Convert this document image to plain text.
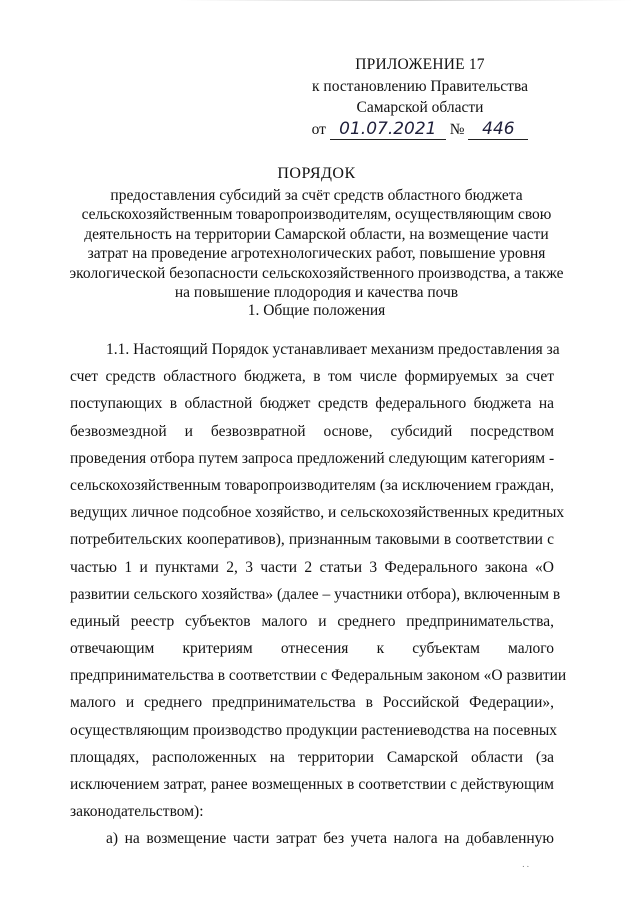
ПРИЛОЖЕНИЕ 17
к постановлению Правительства
Самарской области
от 01.07.2021 № 446
ПОРЯДОК
предоставления субсидий за счёт средств областного бюджета
сельскохозяйственным товаропроизводителям, осуществляющим свою
деятельность на территории Самарской области, на возмещение части
затрат на проведение агротехнологических работ, повышение уровня
экологической безопасности сельскохозяйственного производства, а также
на повышение плодородия и качества почв
1. Общие положения
1.1. Настоящий Порядок устанавливает механизм предоставления за
счет средств областного бюджета, в том числе формируемых за счет
поступающих в областной бюджет средств федерального бюджета на
безвозмездной и безвозвратной основе, субсидий посредством
проведения отбора путем запроса предложений следующим категориям -
сельскохозяйственным товаропроизводителям (за исключением граждан,
ведущих личное подсобное хозяйство, и сельскохозяйственных кредитных
потребительских кооперативов), признанным таковыми в соответствии с
частью 1 и пунктами 2, 3 части 2 статьи 3 Федерального закона «О
развитии сельского хозяйства» (далее – участники отбора), включенным в
единый реестр субъектов малого и среднего предпринимательства,
отвечающим критериям отнесения к субъектам малого
предпринимательства в соответствии с Федеральным законом «О развитии
малого и среднего предпринимательства в Российской Федерации»,
осуществляющим производство продукции растениеводства на посевных
площадях, расположенных на территории Самарской области (за
исключением затрат, ранее возмещенных в соответствии с действующим
законодательством):
а) на возмещение части затрат без учета налога на добавленную
. .
